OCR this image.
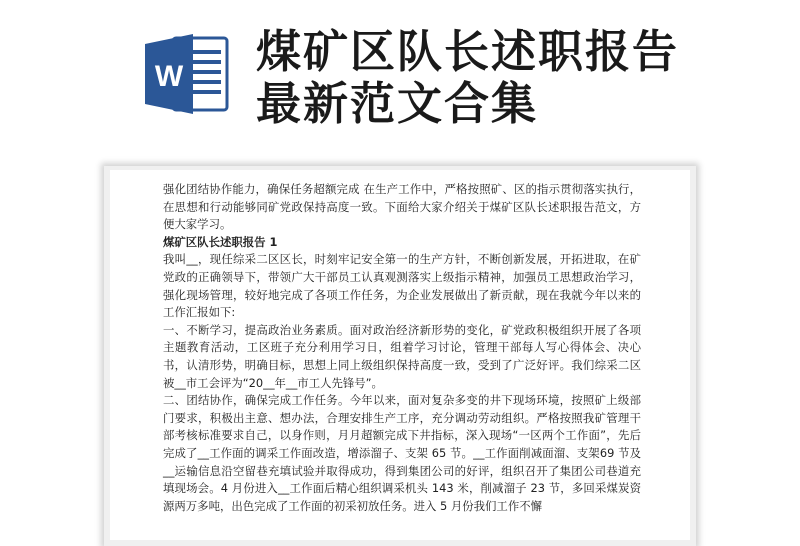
W 煤矿区队长述职报告
最新范文合集

强化团结协作能力，确保任务超额完成 在生产工作中，严格按照矿、区的指示贯彻落实执行，在思想和行动能够同矿党政保持高度一致。下面给大家介绍关于煤矿区队长述职报告范文，方便大家学习。

煤矿区队长述职报告 1

我叫__，现任综采二区区长，时刻牢记安全第一的生产方针，不断创新发展，开拓进取，在矿党政的正确领导下，带领广大干部员工认真观测落实上级指示精神，加强员工思想政治学习，强化现场管理，较好地完成了各项工作任务，为企业发展做出了新贡献，现在我就今年以来的工作汇报如下:

一、不断学习，提高政治业务素质。面对政治经济新形势的变化，矿党政积极组织开展了各项主题教育活动，工区班子充分利用学习日，组着学习讨论，管理干部每人写心得体会、决心书，认清形势，明确目标，思想上同上级组织保持高度一致，受到了广泛好评。我们综采二区被__市工会评为“20__年__市工人先锋号”。

二、团结协作，确保完成工作任务。今年以来，面对复杂多变的井下现场环境，按照矿上级部门要求，积极出主意、想办法，合理安排生产工序，充分调动劳动组织。严格按照我矿管理干部考核标准要求自己，以身作则，月月超额完成下井指标，深入现场“一区两个工作面”，先后完成了__工作面的调采工作面改造，增添溜子、支架 65 节。__工作面削减面溜、支架69 节及__运输信息沿空留巷充填试验并取得成功，得到集团公司的好评，组织召开了集团公司巷道充填现场会。4 月份进入__工作面后精心组织调采机头 143 米，削减溜子 23 节，多回采煤炭资源两万多吨，出色完成了工作面的初采初放任务。进入 5 月份我们工作不懈
